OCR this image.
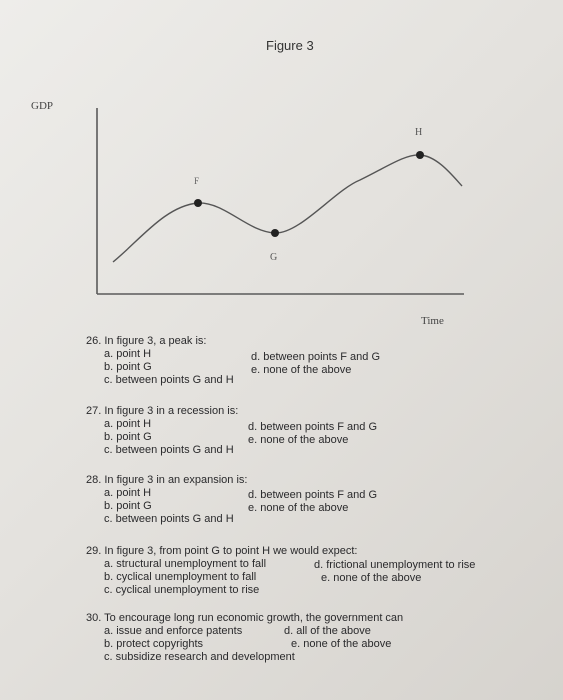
Figure 3
GDP
F
G
H
Time
26. In figure 3, a peak is:
a. point H
b. point G
c. between points G and H
d. between points F and G
e. none of the above
27. In figure 3 in a recession is:
a. point H
b. point G
c. between points G and H
d. between points F and G
e. none of the above
28. In figure 3 in an expansion is:
a. point H
b. point G
c. between points G and H
d. between points F and G
e. none of the above
29. In figure 3, from point G to point H we would expect:
a. structural unemployment to fall
b. cyclical unemployment to fall
c. cyclical unemployment to rise
d. frictional unemployment to rise
e. none of the above
30. To encourage long run economic growth, the government can
a. issue and enforce patents
b. protect copyrights
c. subsidize research and development
d. all of the above
e. none of the above
